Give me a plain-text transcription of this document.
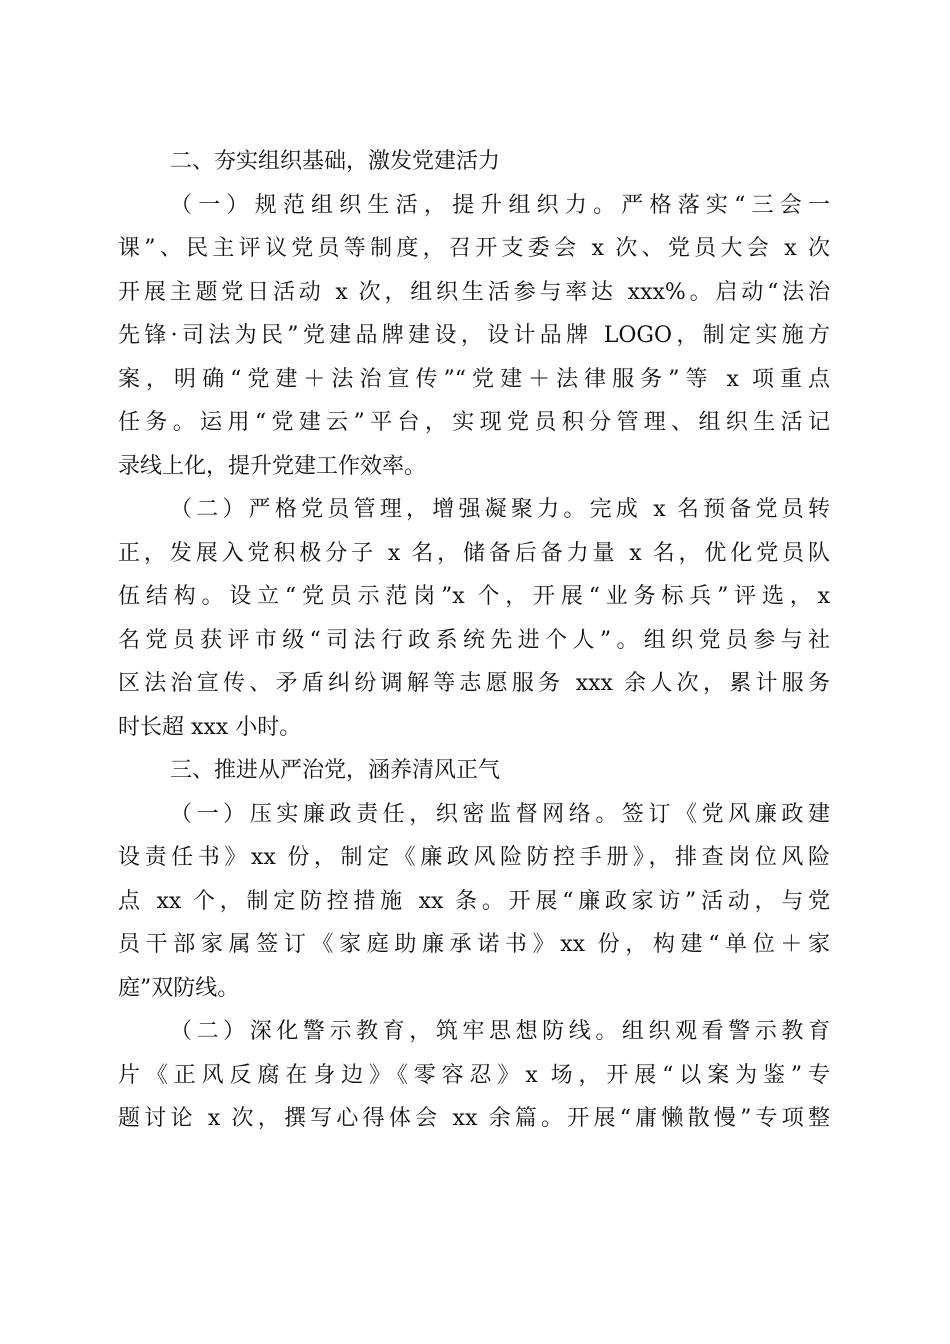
二、夯实组织基础，激发党建活力
（一）规范组织生活，提升组织力。严格落实“三会一
课”、民主评议党员等制度，召开支委会 x 次、党员大会 x 次
开展主题党日活动 x 次，组织生活参与率达 xxx%。启动“法治
先锋·司法为民”党建品牌建设，设计品牌 LOGO，制定实施方
案，明确“党建＋法治宣传”“党建＋法律服务”等 x 项重点
任务。运用“党建云”平台，实现党员积分管理、组织生活记
录线上化，提升党建工作效率。
（二）严格党员管理，增强凝聚力。完成 x 名预备党员转
正，发展入党积极分子 x 名，储备后备力量 x 名，优化党员队
伍结构。设立“党员示范岗”x 个，开展“业务标兵”评选，x
名党员获评市级“司法行政系统先进个人”。组织党员参与社
区法治宣传、矛盾纠纷调解等志愿服务 xxx 余人次，累计服务
时长超 xxx 小时。
三、推进从严治党，涵养清风正气
（一）压实廉政责任，织密监督网络。签订《党风廉政建
设责任书》xx 份，制定《廉政风险防控手册》，排查岗位风险
点 xx 个，制定防控措施 xx 条。开展“廉政家访”活动，与党
员干部家属签订《家庭助廉承诺书》xx 份，构建“单位＋家
庭”双防线。
（二）深化警示教育，筑牢思想防线。组织观看警示教育
片《正风反腐在身边》《零容忍》x 场，开展“以案为鉴”专
题讨论 x 次，撰写心得体会 xx 余篇。开展“庸懒散慢”专项整
